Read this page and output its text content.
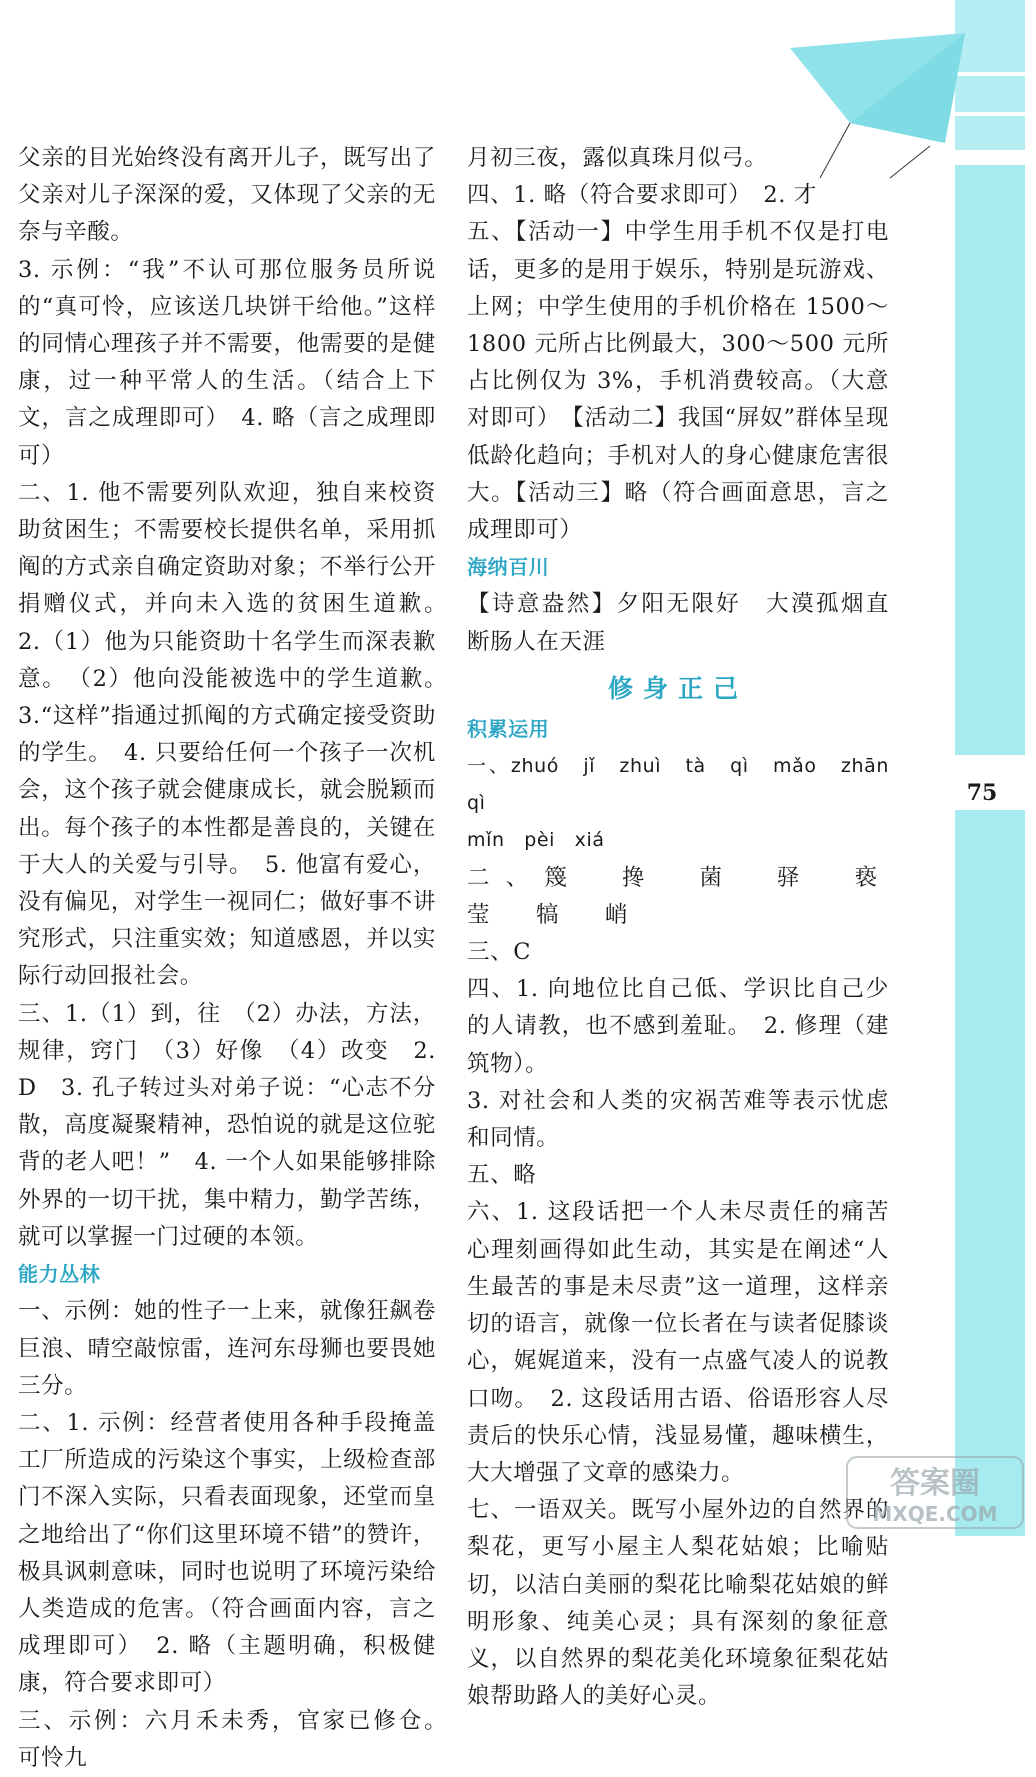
75

父亲的目光始终没有离开儿子，既写出了父亲对儿子深深的爱，又体现了父亲的无奈与辛酸。

3. 示例：“我”不认可那位服务员所说的“真可怜，应该送几块饼干给他。”这样的同情心理孩子并不需要，他需要的是健康，过一种平常人的生活。（结合上下文，言之成理即可）　4. 略（言之成理即可）

二、1. 他不需要列队欢迎，独自来校资助贫困生；不需要校长提供名单，采用抓阄的方式亲自确定资助对象；不举行公开捐赠仪式，并向未入选的贫困生道歉。　2.（1）他为只能资助十名学生而深表歉意。　（2）他向没能被选中的学生道歉。　3.“这样”指通过抓阄的方式确定接受资助的学生。　4. 只要给任何一个孩子一次机会，这个孩子就会健康成长，就会脱颖而出。每个孩子的本性都是善良的，关键在于大人的关爱与引导。　5. 他富有爱心，没有偏见，对学生一视同仁；做好事不讲究形式，只注重实效；知道感恩，并以实际行动回报社会。

三、1.（1）到，往　（2）办法，方法，规律，窍门　（3）好像　（4）改变　2. D　3. 孔子转过头对弟子说：“心志不分散，高度凝聚精神，恐怕说的就是这位驼背的老人吧！”　4. 一个人如果能够排除外界的一切干扰，集中精力，勤学苦练，就可以掌握一门过硬的本领。

能力丛林

一、示例：她的性子一上来，就像狂飙卷巨浪、晴空敲惊雷，连河东母狮也要畏她三分。

二、1. 示例：经营者使用各种手段掩盖工厂所造成的污染这个事实，上级检查部门不深入实际，只看表面现象，还堂而皇之地给出了“你们这里环境不错”的赞许，极具讽刺意味，同时也说明了环境污染给人类造成的危害。（符合画面内容，言之成理即可）　2. 略（主题明确，积极健康，符合要求即可）

三、示例：六月禾未秀，官家已修仓。　可怜九

月初三夜，露似真珠月似弓。

四、1. 略（符合要求即可）　2. 才

五、【活动一】中学生用手机不仅是打电话，更多的是用于娱乐，特别是玩游戏、上网；中学生使用的手机价格在 1500～1800 元所占比例最大，300～500 元所占比例仅为 3%，手机消费较高。（大意对即可）　【活动二】我国“屏奴”群体呈现低龄化趋向；手机对人的身心健康危害很大。【活动三】略（符合画面意思，言之成理即可）

海纳百川

【诗意盎然】夕阳无限好　大漠孤烟直　断肠人在天涯

修身正己

积累运用

一、zhuó　jǐ　zhuì　tà　qì　mǎo　zhān　qì

mǐn　pèi　xiá

二、篾　搀　菌　驿　亵　莹　犒　峭

三、C

四、1. 向地位比自己低、学识比自己少的人请教，也不感到羞耻。　2. 修理（建筑物）。

3. 对社会和人类的灾祸苦难等表示忧虑和同情。

五、略

六、1. 这段话把一个人未尽责任的痛苦心理刻画得如此生动，其实是在阐述“人生最苦的事是未尽责”这一道理，这样亲切的语言，就像一位长者在与读者促膝谈心，娓娓道来，没有一点盛气凌人的说教口吻。　2. 这段话用古语、俗语形容人尽责后的快乐心情，浅显易懂，趣味横生，大大增强了文章的感染力。

七、一语双关。既写小屋外边的自然界的梨花，更写小屋主人梨花姑娘；比喻贴切，以洁白美丽的梨花比喻梨花姑娘的鲜明形象、纯美心灵；具有深刻的象征意义，以自然界的梨花美化环境象征梨花姑娘帮助路人的美好心灵。

答案圈
MXQE.COM
